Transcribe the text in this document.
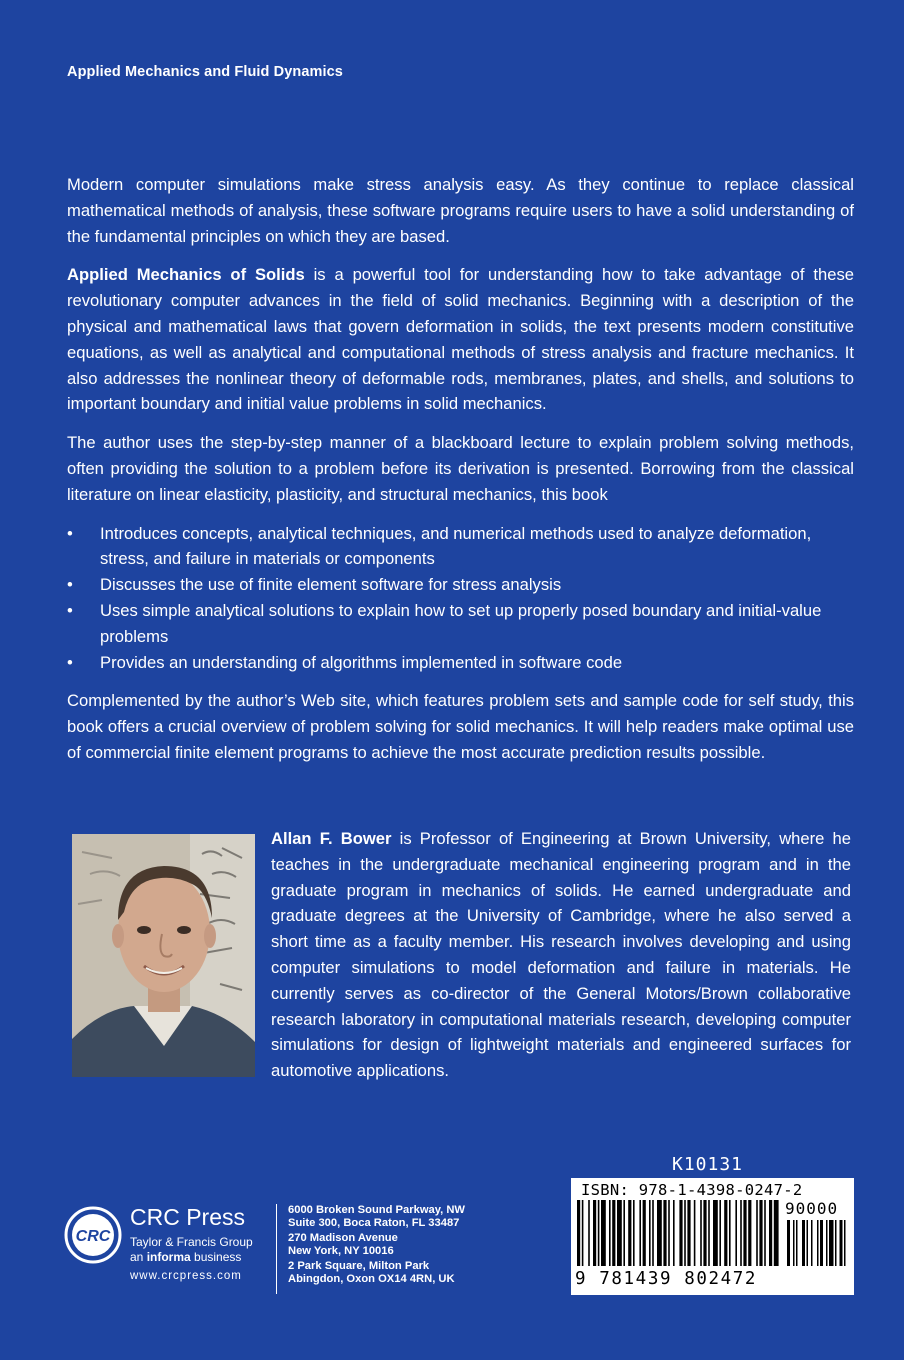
Applied Mechanics and Fluid Dynamics

Modern computer simulations make stress analysis easy. As they continue to replace classical mathematical methods of analysis, these software programs require users to have a solid understanding of the fundamental principles on which they are based.

Applied Mechanics of Solids is a powerful tool for understanding how to take advantage of these revolutionary computer advances in the field of solid mechanics. Beginning with a description of the physical and mathematical laws that govern deformation in solids, the text presents modern constitutive equations, as well as analytical and computational methods of stress analysis and fracture mechanics. It also addresses the nonlinear theory of deformable rods, membranes, plates, and shells, and solutions to important boundary and initial value problems in solid mechanics.

The author uses the step-by-step manner of a blackboard lecture to explain problem solving methods, often providing the solution to a problem before its derivation is presented. Borrowing from the classical literature on linear elasticity, plasticity, and structural mechanics, this book

• Introduces concepts, analytical techniques, and numerical methods used to analyze deformation, stress, and failure in materials or components
• Discusses the use of finite element software for stress analysis
• Uses simple analytical solutions to explain how to set up properly posed boundary and initial-value problems
• Provides an understanding of algorithms implemented in software code

Complemented by the author’s Web site, which features problem sets and sample code for self study, this book offers a crucial overview of problem solving for solid mechanics. It will help readers make optimal use of commercial finite element programs to achieve the most accurate prediction results possible.

Allan F. Bower is Professor of Engineering at Brown University, where he teaches in the undergraduate mechanical engineering program and in the graduate program in mechanics of solids. He earned undergraduate and graduate degrees at the University of Cambridge, where he also served a short time as a faculty member. His research involves developing and using computer simulations to model deformation and failure in materials. He currently serves as co-director of the General Motors/Brown collaborative research laboratory in computational materials research, developing computer simulations for design of lightweight materials and engineered surfaces for automotive applications.
CRC
CRC Press
Taylor & Francis Group
an informa business
www.crcpress.com
6000 Broken Sound Parkway, NW
Suite 300, Boca Raton, FL 33487
270 Madison Avenue
New York, NY 10016
2 Park Square, Milton Park
Abingdon, Oxon OX14 4RN, UK
K10131
ISBN: 978-1-4398-0247-2
90000
9 781439 802472
